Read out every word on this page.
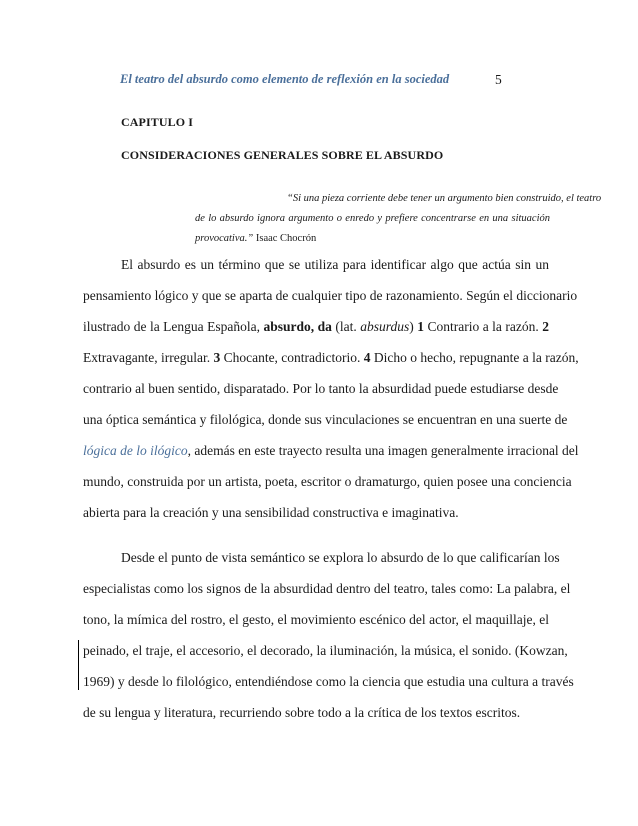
El teatro del absurdo como elemento de reflexión en la sociedad	5
CAPITULO I
CONSIDERACIONES GENERALES SOBRE EL ABSURDO
“Si una pieza corriente debe tener un argumento bien construido, el teatro
de lo absurdo ignora argumento o enredo y prefiere concentrarse en una situación
provocativa.” Isaac Chocrón
El absurdo es un término que se utiliza para identificar algo que actúa sin un
pensamiento lógico y que se aparta de cualquier tipo de razonamiento. Según el diccionario
ilustrado de la Lengua Española, absurdo, da (lat. absurdus) 1 Contrario a la razón. 2
Extravagante, irregular. 3 Chocante, contradictorio. 4 Dicho o hecho, repugnante a la razón,
contrario al buen sentido, disparatado. Por lo tanto la absurdidad puede estudiarse desde
una óptica semántica y filológica, donde sus vinculaciones se encuentran en una suerte de
lógica de lo ilógico, además en este trayecto resulta una imagen generalmente irracional del
mundo, construida por un artista, poeta, escritor o dramaturgo, quien posee una conciencia
abierta para la creación y una sensibilidad constructiva e imaginativa.
Desde el punto de vista semántico se explora lo absurdo de lo que calificarían los
especialistas como los signos de la absurdidad dentro del teatro, tales como: La palabra, el
tono, la mímica del rostro, el gesto, el movimiento escénico del actor, el maquillaje, el
peinado, el traje, el accesorio, el decorado, la iluminación, la música, el sonido. (Kowzan,
1969) y desde lo filológico, entendiéndose como la ciencia que estudia una cultura a través
de su lengua y literatura, recurriendo sobre todo a la crítica de los textos escritos.
